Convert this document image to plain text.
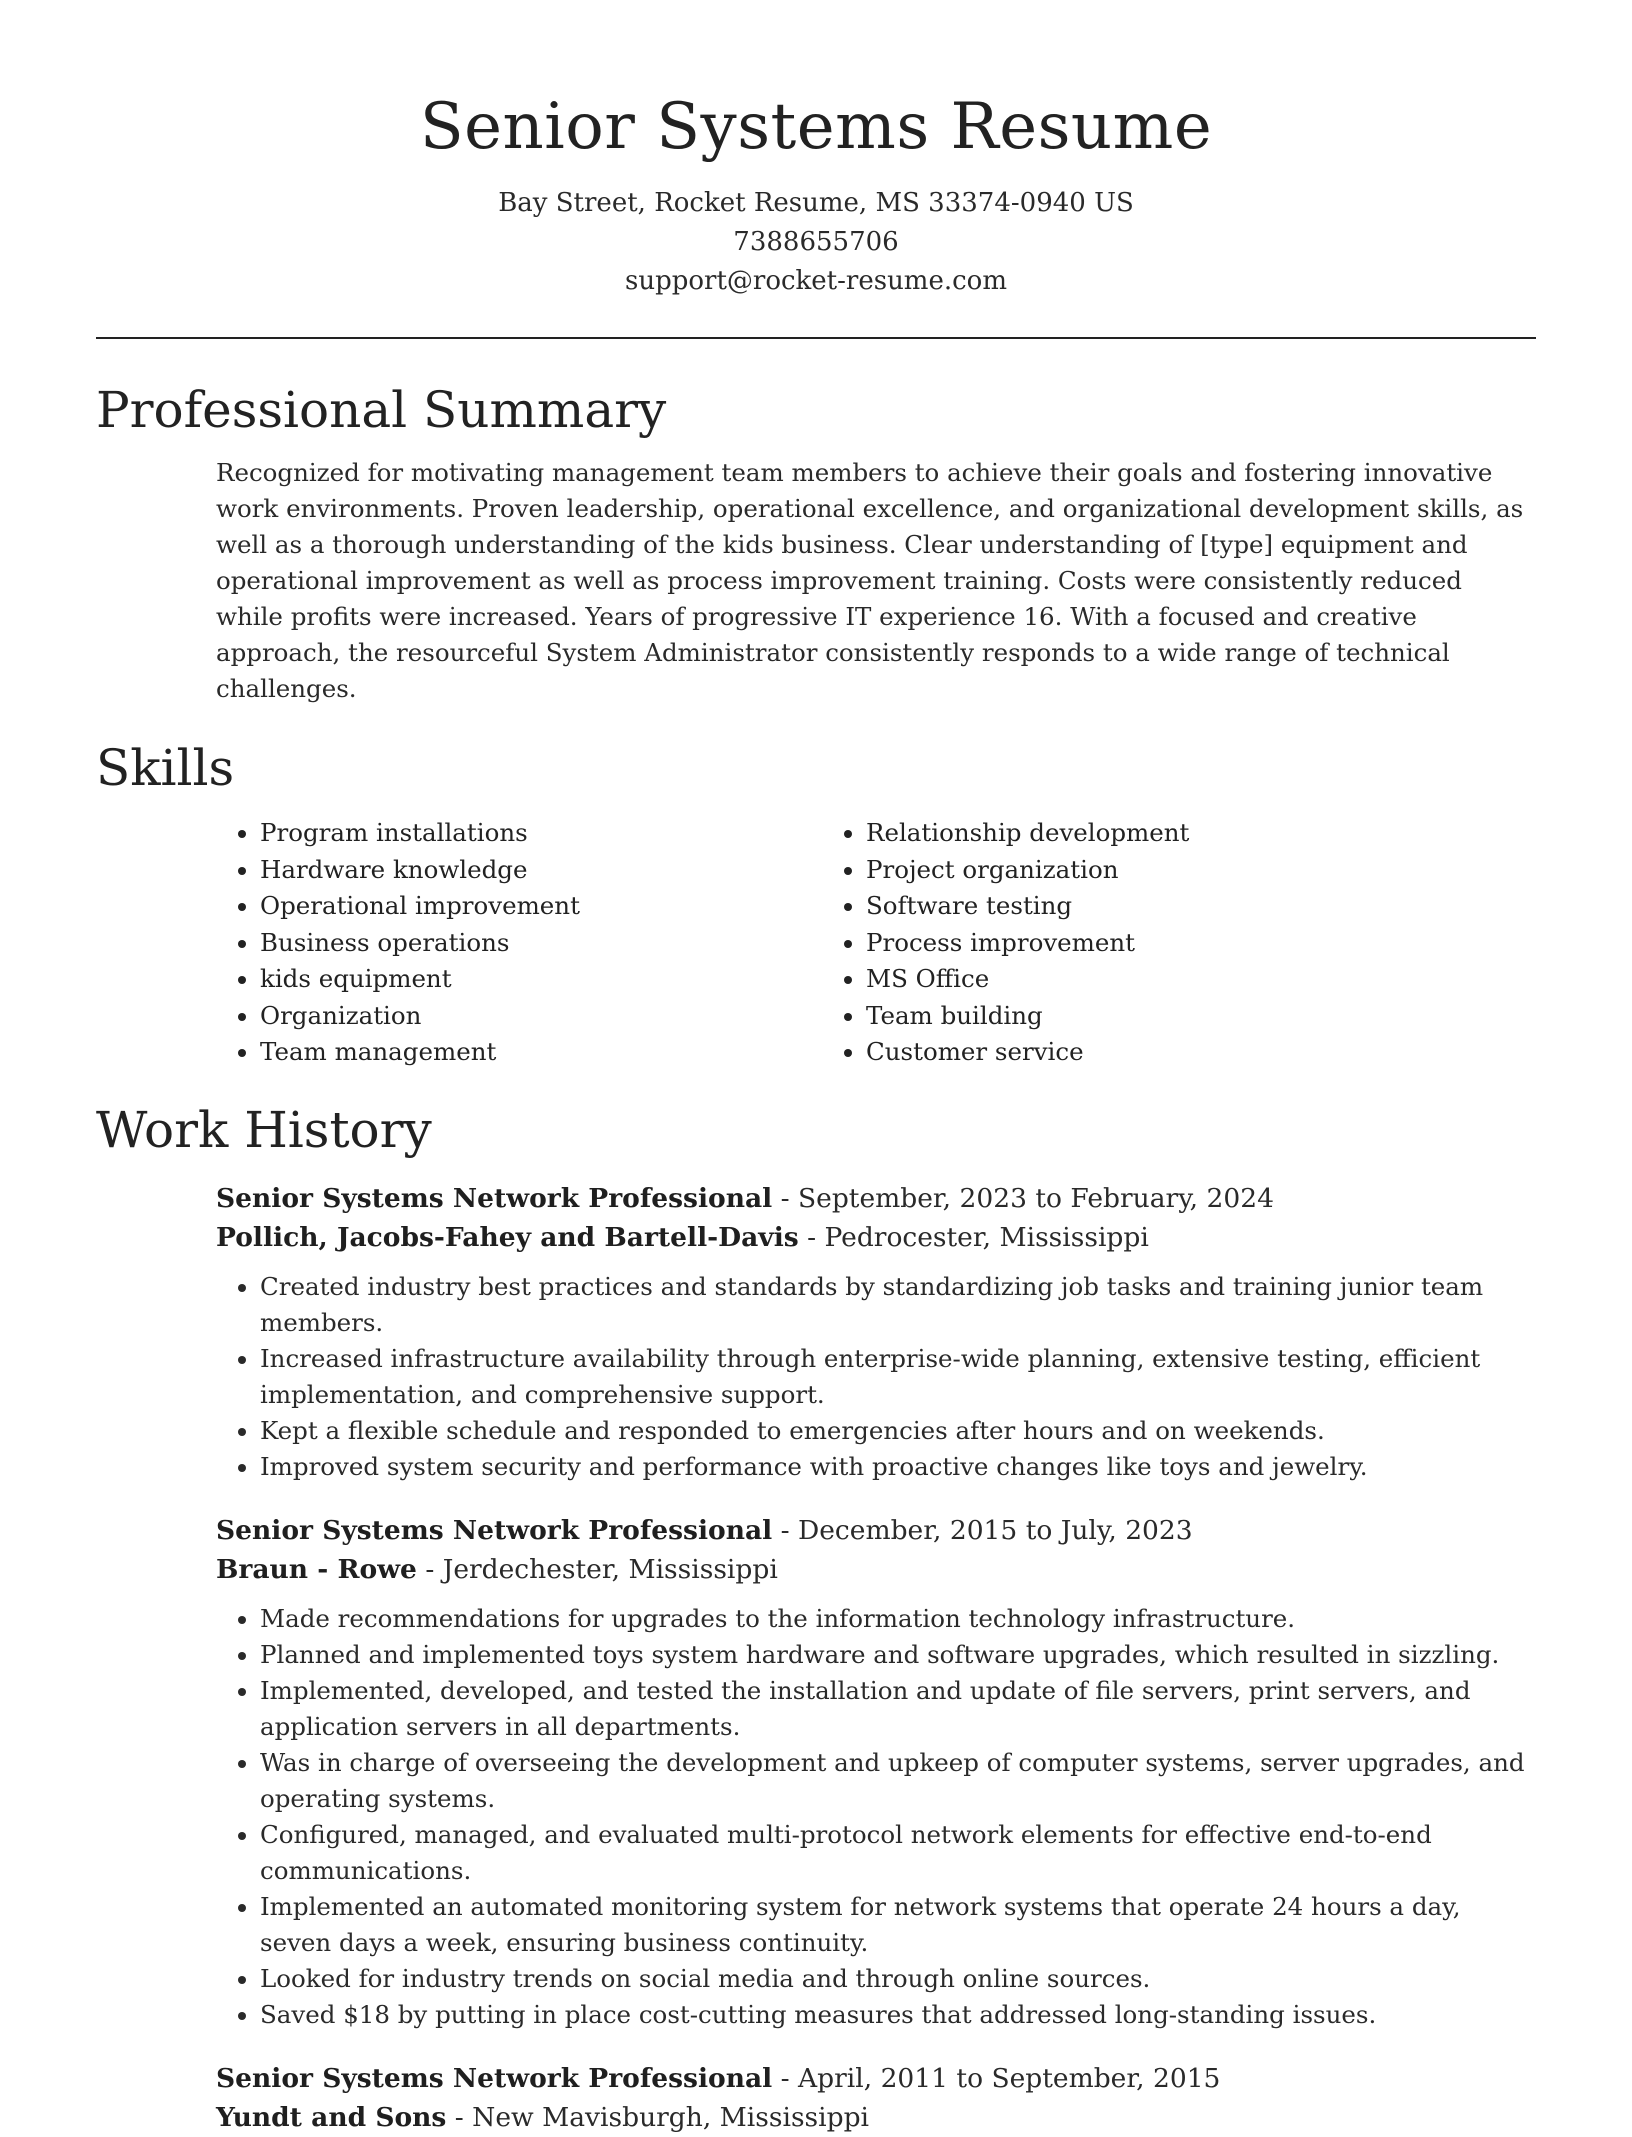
Senior Systems Resume
Bay Street, Rocket Resume, MS 33374-0940 US
7388655706
support@rocket-resume.com
Professional Summary

Recognized for motivating management team members to achieve their goals and fostering innovative work environments. Proven leadership, operational excellence, and organizational development skills, as well as a thorough understanding of the kids business. Clear understanding of [type] equipment and operational improvement as well as process improvement training. Costs were consistently reduced while profits were increased. Years of progressive IT experience 16. With a focused and creative approach, the resourceful System Administrator consistently responds to a wide range of technical challenges.

Skills
• Program installations
• Hardware knowledge
• Operational improvement
• Business operations
• kids equipment
• Organization
• Team management
• Relationship development
• Project organization
• Software testing
• Process improvement
• MS Office
• Team building
• Customer service
Work History
Senior Systems Network Professional - September, 2023 to February, 2024
Pollich, Jacobs-Fahey and Bartell-Davis - Pedrocester, Mississippi
• Created industry best practices and standards by standardizing job tasks and training junior team members.
• Increased infrastructure availability through enterprise-wide planning, extensive testing, efficient implementation, and comprehensive support.
• Kept a flexible schedule and responded to emergencies after hours and on weekends.
• Improved system security and performance with proactive changes like toys and jewelry.
Senior Systems Network Professional - December, 2015 to July, 2023
Braun - Rowe - Jerdechester, Mississippi
• Made recommendations for upgrades to the information technology infrastructure.
• Planned and implemented toys system hardware and software upgrades, which resulted in sizzling.
• Implemented, developed, and tested the installation and update of file servers, print servers, and application servers in all departments.
• Was in charge of overseeing the development and upkeep of computer systems, server upgrades, and operating systems.
• Configured, managed, and evaluated multi-protocol network elements for effective end-to-end communications.
• Implemented an automated monitoring system for network systems that operate 24 hours a day, seven days a week, ensuring business continuity.
• Looked for industry trends on social media and through online sources.
• Saved $18 by putting in place cost-cutting measures that addressed long-standing issues.
Senior Systems Network Professional - April, 2011 to September, 2015
Yundt and Sons - New Mavisburgh, Mississippi
